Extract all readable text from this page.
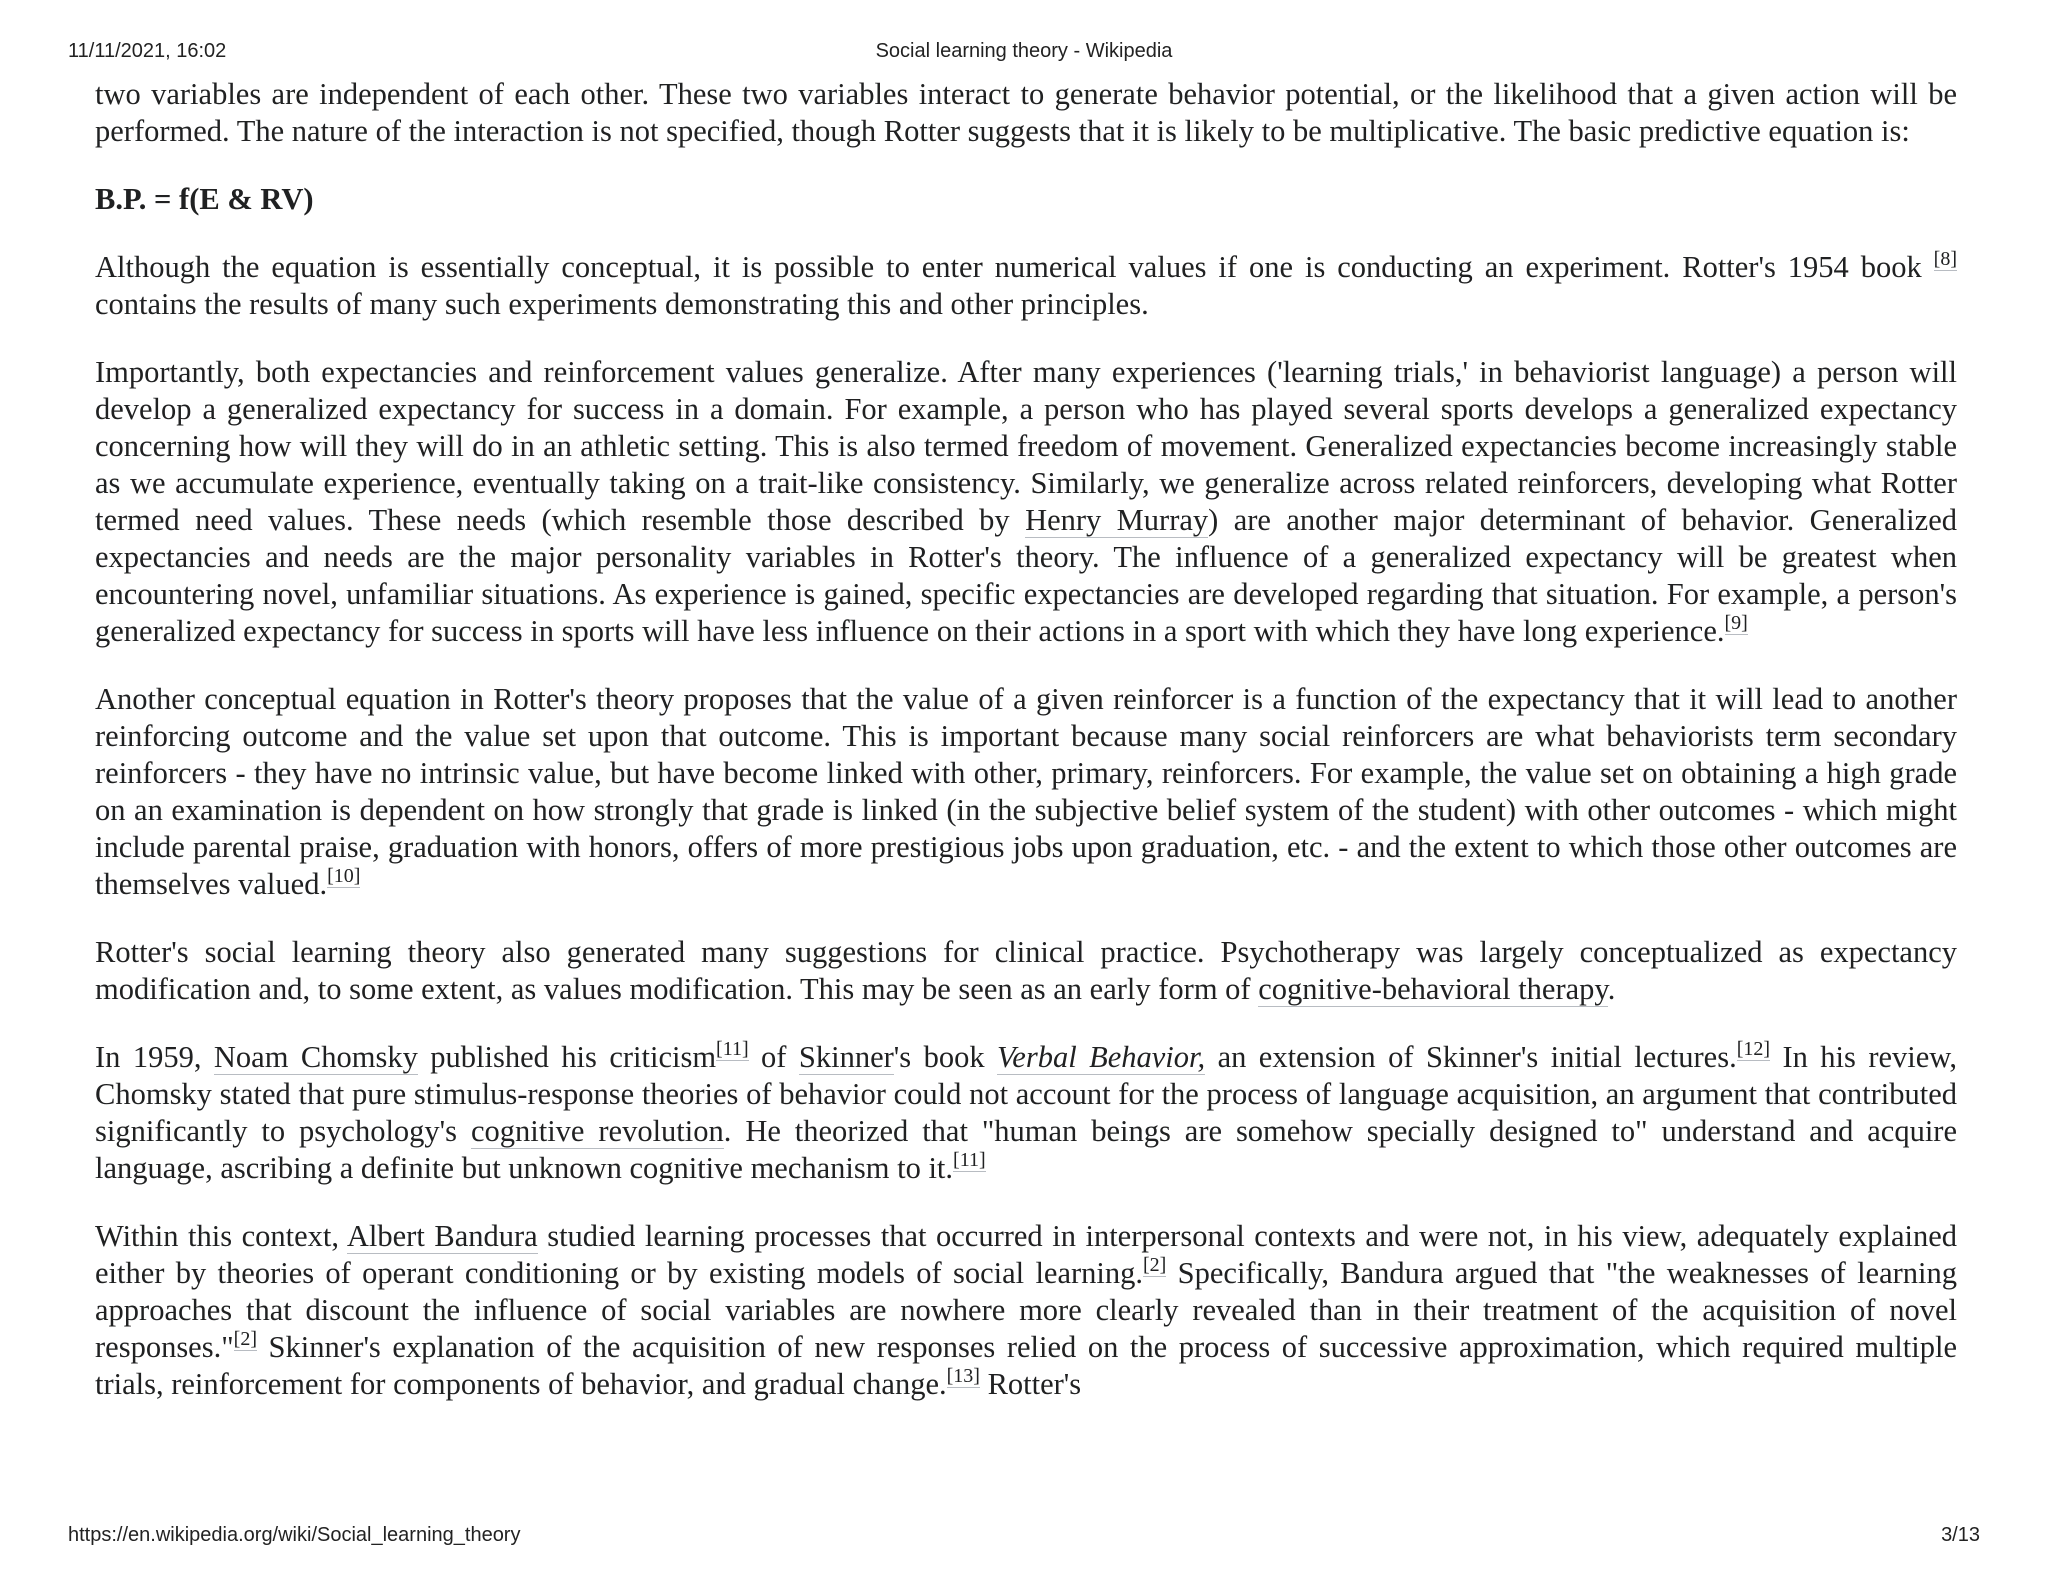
11/11/2021, 16:02	Social learning theory - Wikipedia

two variables are independent of each other. These two variables interact to generate behavior potential, or the likelihood that a given action will be performed. The nature of the interaction is not specified, though Rotter suggests that it is likely to be multiplicative. The basic predictive equation is:

B.P. = f(E & RV)

Although the equation is essentially conceptual, it is possible to enter numerical values if one is conducting an experiment. Rotter's 1954 book [8] contains the results of many such experiments demonstrating this and other principles.

Importantly, both expectancies and reinforcement values generalize. After many experiences ('learning trials,' in behaviorist language) a person will develop a generalized expectancy for success in a domain. For example, a person who has played several sports develops a generalized expectancy concerning how will they will do in an athletic setting. This is also termed freedom of movement. Generalized expectancies become increasingly stable as we accumulate experience, eventually taking on a trait-like consistency. Similarly, we generalize across related reinforcers, developing what Rotter termed need values. These needs (which resemble those described by Henry Murray) are another major determinant of behavior. Generalized expectancies and needs are the major personality variables in Rotter's theory. The influence of a generalized expectancy will be greatest when encountering novel, unfamiliar situations. As experience is gained, specific expectancies are developed regarding that situation. For example, a person's generalized expectancy for success in sports will have less influence on their actions in a sport with which they have long experience.[9]

Another conceptual equation in Rotter's theory proposes that the value of a given reinforcer is a function of the expectancy that it will lead to another reinforcing outcome and the value set upon that outcome. This is important because many social reinforcers are what behaviorists term secondary reinforcers - they have no intrinsic value, but have become linked with other, primary, reinforcers. For example, the value set on obtaining a high grade on an examination is dependent on how strongly that grade is linked (in the subjective belief system of the student) with other outcomes - which might include parental praise, graduation with honors, offers of more prestigious jobs upon graduation, etc. - and the extent to which those other outcomes are themselves valued.[10]

Rotter's social learning theory also generated many suggestions for clinical practice. Psychotherapy was largely conceptualized as expectancy modification and, to some extent, as values modification. This may be seen as an early form of cognitive-behavioral therapy.

In 1959, Noam Chomsky published his criticism[11] of Skinner's book Verbal Behavior, an extension of Skinner's initial lectures.[12] In his review, Chomsky stated that pure stimulus-response theories of behavior could not account for the process of language acquisition, an argument that contributed significantly to psychology's cognitive revolution. He theorized that "human beings are somehow specially designed to" understand and acquire language, ascribing a definite but unknown cognitive mechanism to it.[11]

Within this context, Albert Bandura studied learning processes that occurred in interpersonal contexts and were not, in his view, adequately explained either by theories of operant conditioning or by existing models of social learning.[2] Specifically, Bandura argued that "the weaknesses of learning approaches that discount the influence of social variables are nowhere more clearly revealed than in their treatment of the acquisition of novel responses."[2] Skinner's explanation of the acquisition of new responses relied on the process of successive approximation, which required multiple trials, reinforcement for components of behavior, and gradual change.[13] Rotter's

https://en.wikipedia.org/wiki/Social_learning_theory	3/13
